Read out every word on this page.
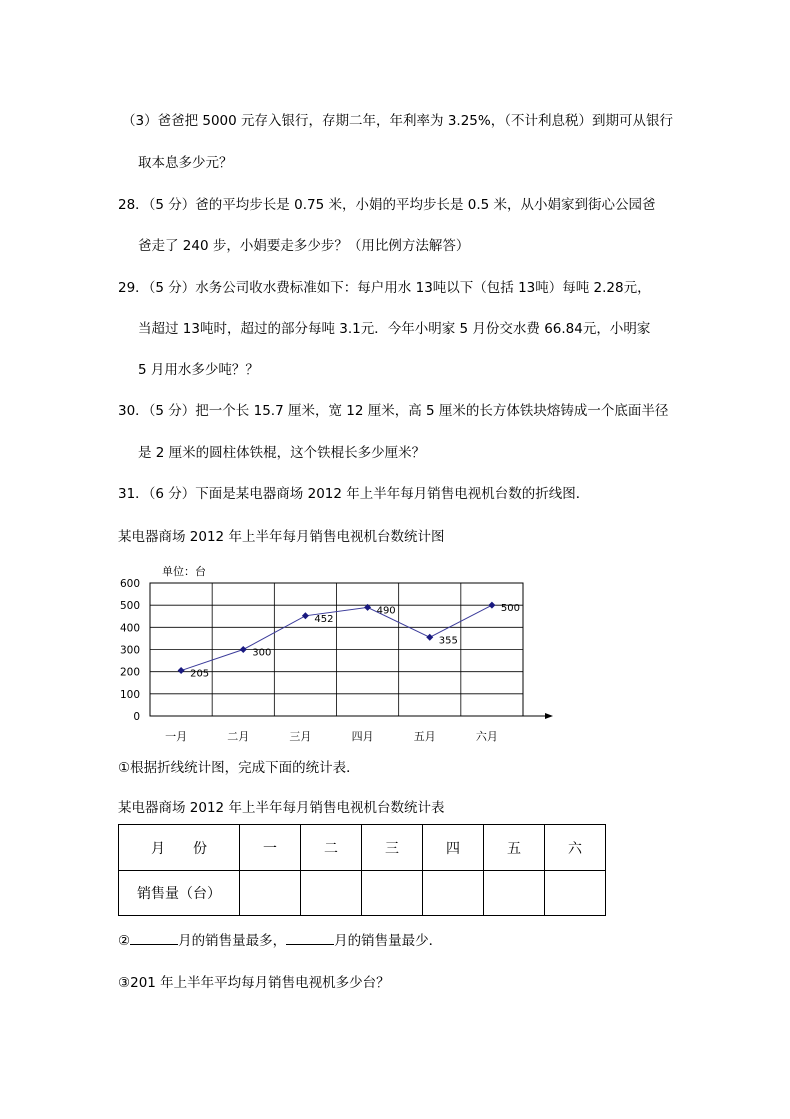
（3）爸爸把 5000 元存入银行，存期二年，年利率为 3.25%，（不计利息税）到期可从银行
取本息多少元？
28．（5 分）爸的平均步长是 0.75 米，小娟的平均步长是 0.5 米，从小娟家到街心公园爸
爸走了 240 步，小娟要走多少步？（用比例方法解答）
29．（5 分）水务公司收水费标准如下：每户用水 13吨以下（包括 13吨）每吨 2.28元，
当超过 13吨时，超过的部分每吨 3.1元．今年小明家 5 月份交水费 66.84元，小明家
5 月用水多少吨？？
30．（5 分）把一个长 15.7 厘米，宽 12 厘米，高 5 厘米的长方体铁块熔铸成一个底面半径
是 2 厘米的圆柱体铁棍，这个铁棍长多少厘米？
31．（6 分）下面是某电器商场 2012 年上半年每月销售电视机台数的折线图．
某电器商场 2012 年上半年每月销售电视机台数统计图
单位：台
0
100
200
300
400
500
600
一月	二月	三月	四月	五月	六月
205
300
452
490
355
500
①根据折线统计图，完成下面的统计表．
某电器商场 2012 年上半年每月销售电视机台数统计表
月　　份	一	二	三	四	五	六
销售量（台）						
②	月的销售量最多，	月的销售量最少．
③201 年上半年平均每月销售电视机多少台？
